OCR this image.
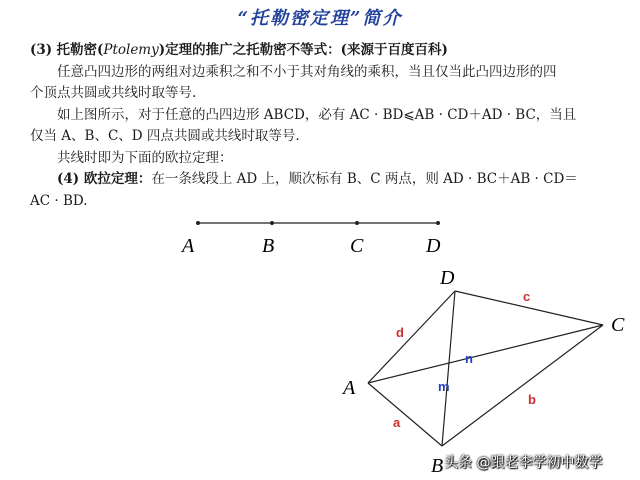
“托勒密定理”简介

(3) 托勒密(Ptolemy)定理的推广之托勒密不等式：(来源于百度百科)

任意凸四边形的两组对边乘积之和不小于其对角线的乘积，当且仅当此凸四边形的四

个顶点共圆或共线时取等号.

如上图所示，对于任意的凸四边形 ABCD，必有 AC · BD⩽AB · CD＋AD · BC，当且

仅当 A、B、C、D 四点共圆或共线时取等号.

共线时即为下面的欧拉定理：

(4) 欧拉定理：在一条线段上 AD 上，顺次标有 B、C 两点，则 AD · BC＋AB · CD＝

AC · BD.

A	B	C	D
A
B
C
D
a
b
c
d
m
n
头条 @跟老李学初中数学
